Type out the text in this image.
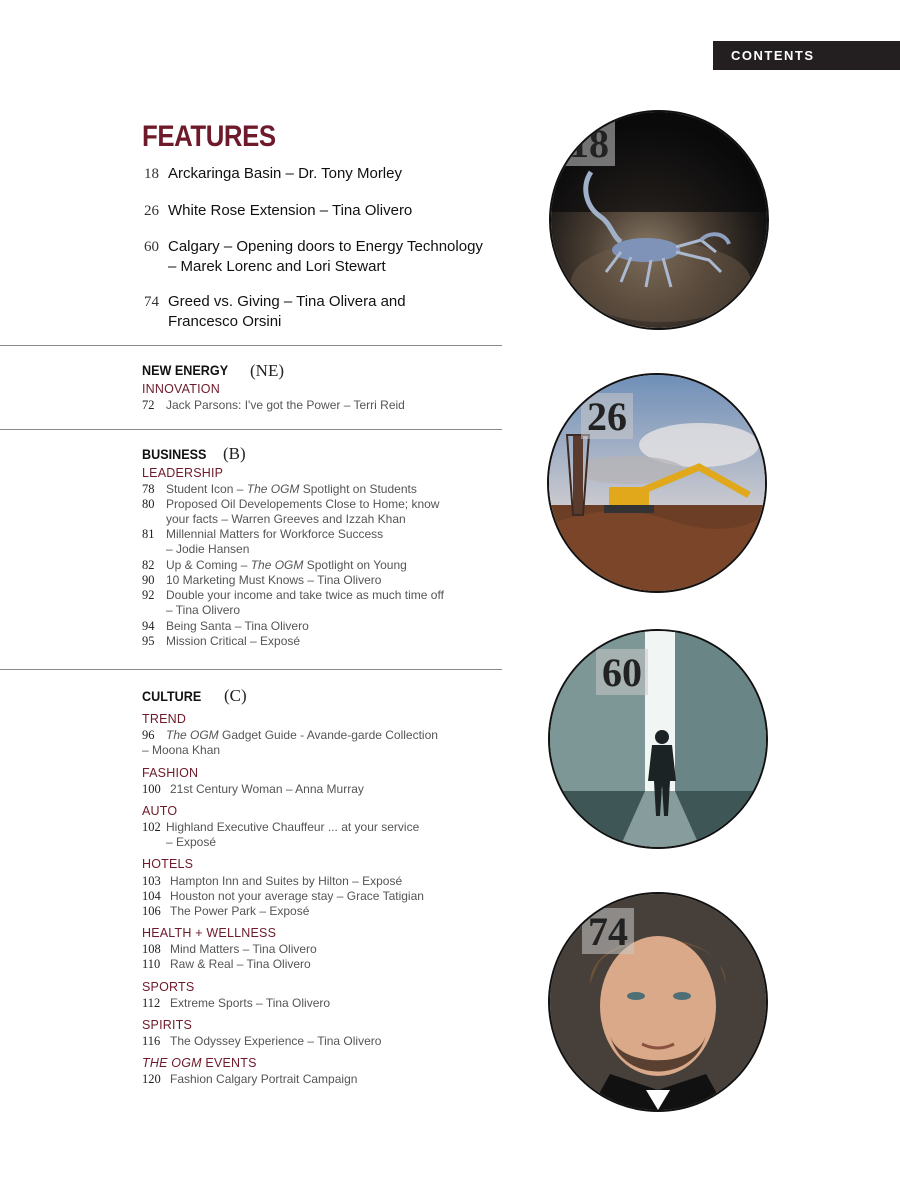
CONTENTS
FEATURES
18 Arckaringa Basin – Dr. Tony Morley
26 White Rose Extension – Tina Olivero
60 Calgary – Opening doors to Energy Technology
– Marek Lorenc and Lori Stewart
74 Greed vs. Giving – Tina Olivera and
Francesco Orsini
NEW ENERGY (NE)
INNOVATION
72 Jack Parsons: I've got the Power – Terri Reid
BUSINESS (B)
LEADERSHIP
78 Student Icon – The OGM Spotlight on Students
80 Proposed Oil Developements Close to Home; know
your facts – Warren Greeves and Izzah Khan
81 Millennial Matters for Workforce Success
– Jodie Hansen
82 Up & Coming – The OGM Spotlight on Young
90 10 Marketing Must Knows – Tina Olivero
92 Double your income and take twice as much time off
– Tina Olivero
94 Being Santa – Tina Olivero
95 Mission Critical – Exposé
CULTURE (C)
TREND
96 The OGM Gadget Guide - Avande-garde Collection
– Moona Khan
FASHION
100 21st Century Woman – Anna Murray
AUTO
102 Highland Executive Chauffeur ... at your service
– Exposé
HOTELS
103 Hampton Inn and Suites by Hilton – Exposé
104 Houston not your average stay – Grace Tatigian
106 The Power Park – Exposé
HEALTH + WELLNESS
108 Mind Matters – Tina Olivero
110 Raw & Real – Tina Olivero
SPORTS
112 Extreme Sports – Tina Olivero
SPIRITS
116 The Odyssey Experience – Tina Olivero
THE OGM EVENTS
120 Fashion Calgary Portrait Campaign
18
26
60
74
